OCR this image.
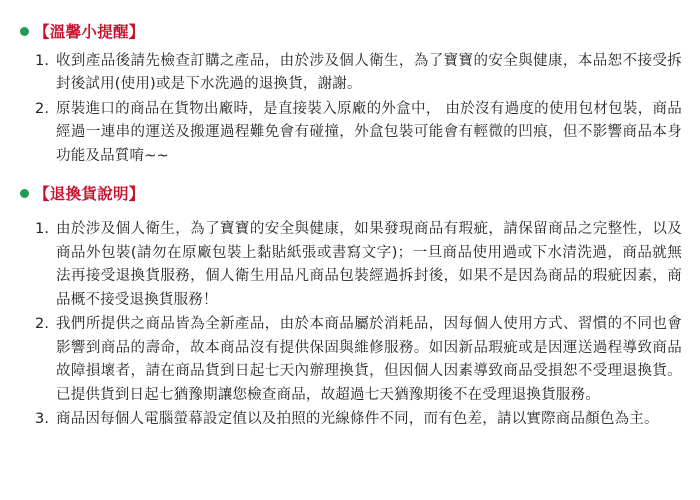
【溫馨小提醒】
1. 收到產品後請先檢查訂購之產品，由於涉及個人衛生，為了寶寶的安全與健康，本品恕不接受拆封後試用(使用)或是下水洗過的退換貨，謝謝。
2. 原裝進口的商品在貨物出廠時，是直接裝入原廠的外盒中， 由於沒有過度的使用包材包裝，商品經過一連串的運送及搬運過程難免會有碰撞，外盒包裝可能會有輕微的凹痕，但不影響商品本身功能及品質唷~~
【退換貨說明】
1. 由於涉及個人衛生，為了寶寶的安全與健康，如果發現商品有瑕疵，請保留商品之完整性，以及商品外包裝(請勿在原廠包裝上黏貼紙張或書寫文字)；一旦商品使用過或下水清洗過，商品就無法再接受退換貨服務，個人衛生用品凡商品包裝經過拆封後，如果不是因為商品的瑕疵因素，商品概不接受退換貨服務！
2. 我們所提供之商品皆為全新產品，由於本商品屬於消耗品，因每個人使用方式、習慣的不同也會影響到商品的壽命，故本商品沒有提供保固與維修服務。如因新品瑕疵或是因運送過程導致商品故障損壞者，請在商品貨到日起七天內辦理換貨，但因個人因素導致商品受損恕不受理退換貨。已提供貨到日起七猶豫期讓您檢查商品，故超過七天猶豫期後不在受理退換貨服務。
3. 商品因每個人電腦螢幕設定值以及拍照的光線條件不同，而有色差，請以實際商品顏色為主。
